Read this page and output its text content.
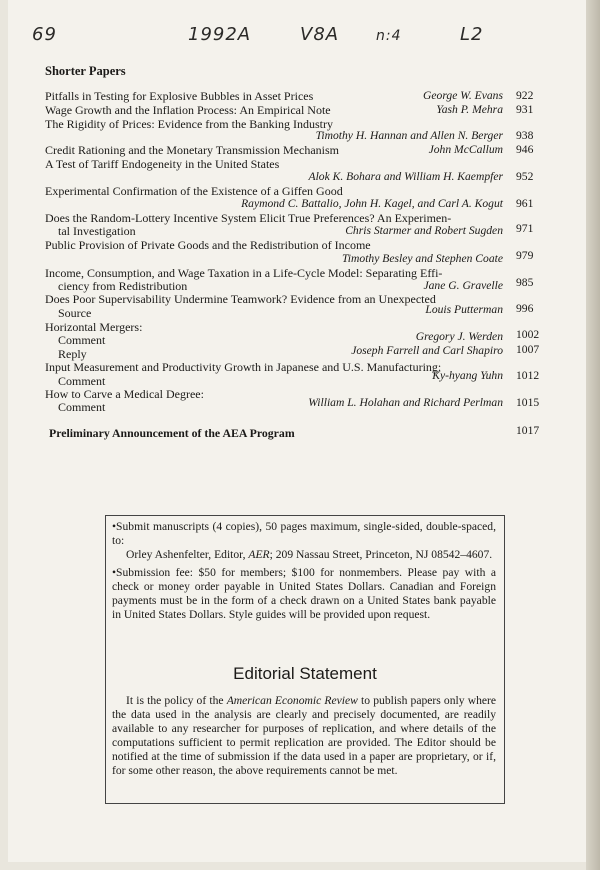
69	1992A	V8A	n:4	L2
Shorter Papers
Pitfalls in Testing for Explosive Bubbles in Asset Prices	George W. Evans 922
Wage Growth and the Inflation Process: An Empirical Note	Yash P. Mehra 931
The Rigidity of Prices: Evidence from the Banking Industry
Timothy H. Hannan and Allen N. Berger 938
Credit Rationing and the Monetary Transmission Mechanism	John McCallum 946
A Test of Tariff Endogeneity in the United States
Alok K. Bohara and William H. Kaempfer 952
Experimental Confirmation of the Existence of a Giffen Good
Raymond C. Battalio, John H. Kagel, and Carl A. Kogut 961
Does the Random-Lottery Incentive System Elicit True Preferences? An Experimen-
tal Investigation	Chris Starmer and Robert Sugden 971
Public Provision of Private Goods and the Redistribution of Income
Timothy Besley and Stephen Coate 979
Income, Consumption, and Wage Taxation in a Life-Cycle Model: Separating Effi-
ciency from Redistribution	Jane G. Gravelle 985
Does Poor Supervisability Undermine Teamwork? Evidence from an Unexpected
Source	Louis Putterman 996
Horizontal Mergers:
Comment	Gregory J. Werden 1002
Reply	Joseph Farrell and Carl Shapiro 1007
Input Measurement and Productivity Growth in Japanese and U.S. Manufacturing:
Comment	Ky-hyang Yuhn 1012
How to Carve a Medical Degree:
Comment	William L. Holahan and Richard Perlman 1015
Preliminary Announcement of the AEA Program	1017

•Submit manuscripts (4 copies), 50 pages maximum, single-sided, double-spaced, to:

Orley Ashenfelter, Editor, AER; 209 Nassau Street, Princeton, NJ 08542–4607.

•Submission fee: $50 for members; $100 for nonmembers. Please pay with a check or money order payable in United States Dollars. Canadian and Foreign payments must be in the form of a check drawn on a United States bank payable in United States Dollars. Style guides will be provided upon request.

Editorial Statement
It is the policy of the American Economic Review to publish papers only where the data used in the analysis are clearly and precisely documented, are readily available to any researcher for purposes of replication, and where details of the computations sufficient to permit replication are provided. The Editor should be notified at the time of submission if the data used in a paper are proprietary, or if, for some other reason, the above requirements cannot be met.
